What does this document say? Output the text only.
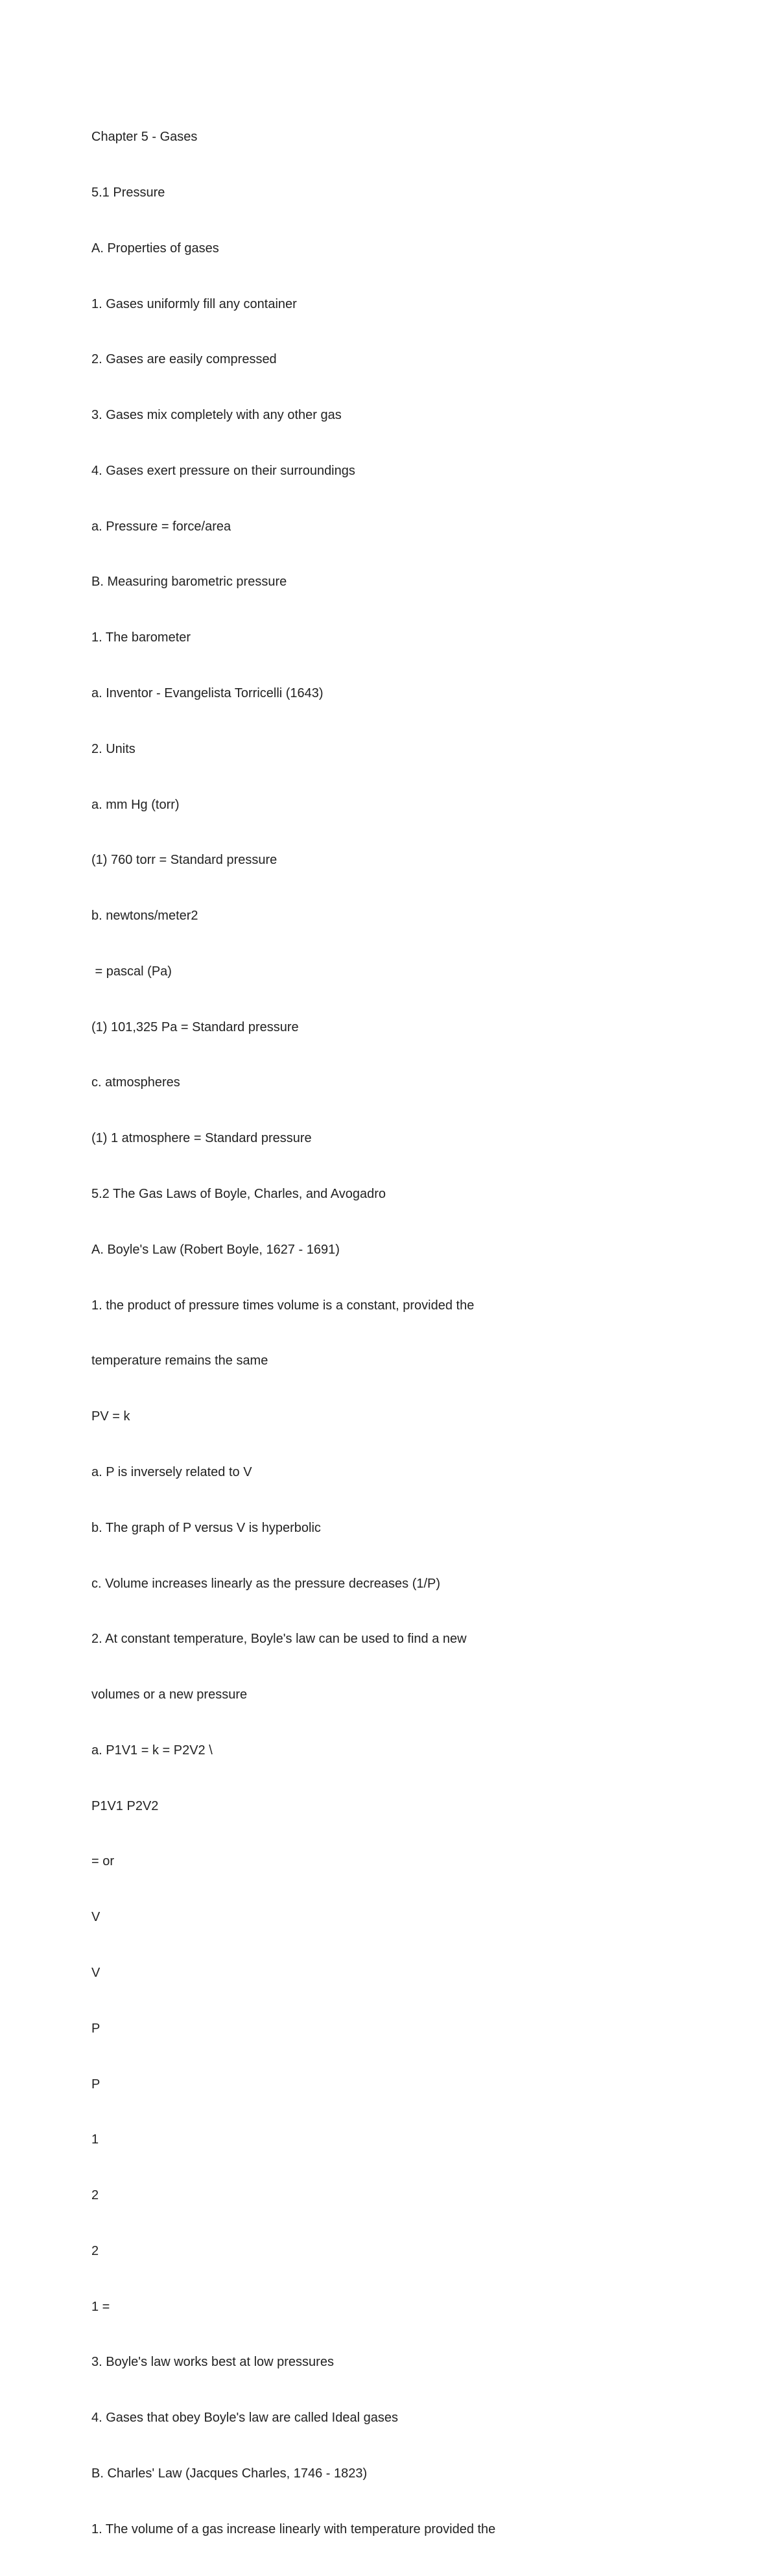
Chapter 5 - Gases

5.1 Pressure

A. Properties of gases

1. Gases uniformly fill any container

2. Gases are easily compressed

3. Gases mix completely with any other gas

4. Gases exert pressure on their surroundings

a. Pressure = force/area

B. Measuring barometric pressure

1. The barometer

a. Inventor - Evangelista Torricelli (1643)

2. Units

a. mm Hg (torr)

(1) 760 torr = Standard pressure

b. newtons/meter2

= pascal (Pa)

(1) 101,325 Pa = Standard pressure

c. atmospheres

(1) 1 atmosphere = Standard pressure

5.2 The Gas Laws of Boyle, Charles, and Avogadro

A. Boyle's Law (Robert Boyle, 1627 - 1691)

1. the product of pressure times volume is a constant, provided the

temperature remains the same

PV = k

a. P is inversely related to V

b. The graph of P versus V is hyperbolic

c. Volume increases linearly as the pressure decreases (1/P)

2. At constant temperature, Boyle's law can be used to find a new

volumes or a new pressure

a. P1V1 = k = P2V2 \

P1V1 P2V2

= or

V

V

P

P

1

2

2

1 =

3. Boyle's law works best at low pressures

4. Gases that obey Boyle's law are called Ideal gases

B. Charles' Law (Jacques Charles, 1746 - 1823)

1. The volume of a gas increase linearly with temperature provided the
